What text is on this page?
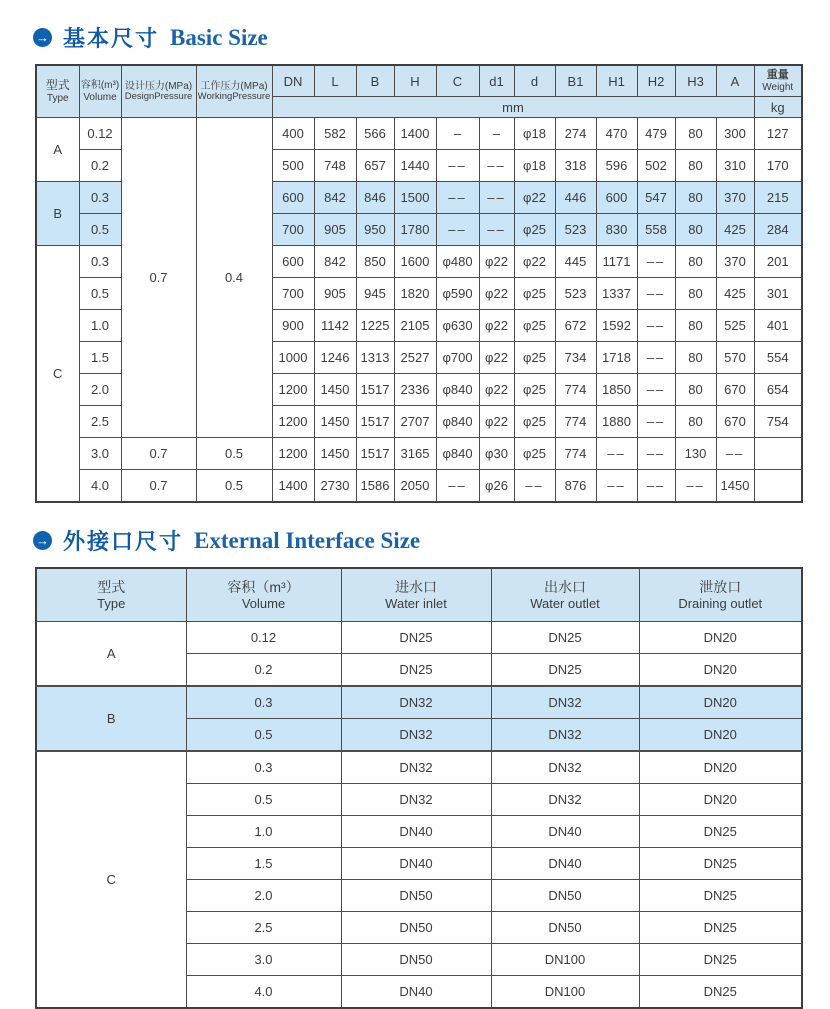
→ 基本尺寸 Basic Size
型式
Type

容积(m³)
Volume

设计压力(MPa)
DesignPressure

工作压力(MPa)
WorkingPressure
	DN	L	B	H	C	d1	d	B1	H1	H2	H3	A	重量
Weight

				mm												kg
A	0.12	0.7	0.4	400	582	566	1400	–	–	φ18	274	470	479	80	300	127
	0.2			500	748	657	1440	––	––	φ18	318	596	502	80	310	170
B	0.3			600	842	846	1500	––	––	φ22	446	600	547	80	370	215
	0.5			700	905	950	1780	––	––	φ25	523	830	558	80	425	284
C	0.3			600	842	850	1600	φ480	φ22	φ22	445	1171	––	80	370	201
	0.5			700	905	945	1820	φ590	φ22	φ25	523	1337	––	80	425	301
	1.0			900	1142	1225	2105	φ630	φ22	φ25	672	1592	––	80	525	401
	1.5			1000	1246	1313	2527	φ700	φ22	φ25	734	1718	––	80	570	554
	2.0			1200	1450	1517	2336	φ840	φ22	φ25	774	1850	––	80	670	654
	2.5			1200	1450	1517	2707	φ840	φ22	φ25	774	1880	––	80	670	754
	3.0	0.7	0.5	1200	1450	1517	3165	φ840	φ30	φ25	774	––	––	130	––	
	4.0	0.7	0.5	1400	2730	1586	2050	––	φ26	––	876	––	––	––	1450	
→ 外接口尺寸 External Interface Size
型式
Type

容积（m³）
Volume

进水口
Water inlet

出水口
Water outlet

泄放口
Draining outlet

A	0.12	DN25	DN25	DN20
	0.2	DN25	DN25	DN20
B	0.3	DN32	DN32	DN20
	0.5	DN32	DN32	DN20
C	0.3	DN32	DN32	DN20
	0.5	DN32	DN32	DN20
	1.0	DN40	DN40	DN25
	1.5	DN40	DN40	DN25
	2.0	DN50	DN50	DN25
	2.5	DN50	DN50	DN25
	3.0	DN50	DN100	DN25
	4.0	DN40	DN100	DN25
